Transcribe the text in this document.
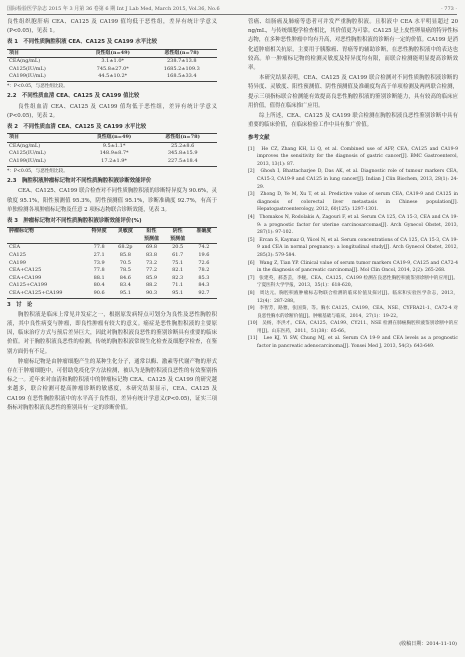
国际检验医学杂志 2015 年 3 月第 36 卷第 6 期 Int J Lab Med, March 2015, Vol.36, No.6	· 773 ·

良性组织胞肝病 CEA、CA125 及 CA199 值均低于恶性组，差异有统计学意义(P<0.05)，见表 1。

表 1　不同性质胸腔积液 CEA、CA125 及 CA199 水平比较
项目	良性组(n=49)	恶性组(n=78)
CEA(ng/mL)	3.1±1.0*	238.7±13.8
CA125(IU/mL)	745.8±27.0*	1685.2±109.3
CA199(IU/mL)	44.5±10.2*	168.5±33.4
*：P<0.05，与恶性组比较。
2.2　不同性质血清 CEA、CA125 及 CA199 值比较

良性组血清 CEA、CA125 及 CA199 值均低于恶性组，差异有统计学意义(P<0.05)，见表 2。

表 2　不同性质血清 CEA、CA125 及 CA199 水平比较
项目	良性组(n=49)	恶性组(n=78)
CEA(ng/mL)	9.5±1.1*	25.2±8.6
CA125(IU/mL)	148.9±8.7*	345.8±15.9
CA199(IU/mL)	17.2±1.9*	227.5±18.4
*：P<0.05，与恶性组比较。
2.3　胸腔积液肿瘤标记物对不同性质胸腔积液诊断效能评价

CEA、CA125、CA199 联合检查对不同性质胸腔积液的诊断特异度为 90.6%，灵敏度 95.1%，阳性预测值 95.3%，阴性预测值 95.1%，诊断准确度 92.7%，有高于单独检测各项肿瘤标记物及任意 2 项标志物联合诊断效能，见表 3。

表 3　肿瘤标记物对不同性质胸腔积液诊断效能评价(%)
肿瘤标记物	特异度	灵敏度	阳性	阴性	准确度
			预测值	预测值	
CEA	77.8	68.2p	69.8	20.5	74.2
CA125	27.1	85.8	83.8	61.7	19.6
CA199	73.9	70.5	73.2	75.1	72.6
CEA+CA125	77.8	78.5	77.2	82.1	78.2
CEA+CA199	88.1	84.6	85.9	82.3	85.3
CA125+CA199	80.4	83.4	88.2	71.1	84.3
CEA+CA125+CA199	90.6	95.1	90.3	95.1	92.7
3　讨　论

胸腔积液是临床上常见并发症之一，根据原发病特点可划分为良性及恶性胸腔积液，其中良性病变与肿瘤，即良性肿瘤有较大的意义。癌症是恶性胸腔积液的主要原因，临床治疗方式与预后差异巨大，因此对胸腔积液良恶性的鉴别诊断具有重要的临床价值。对于胸腔积液良恶性的检测，传统的胸腔积液常规生化检查及细胞学检查，在鉴别方面仍有不足。

肿瘤标记物是由肿瘤细胞产生的某种生化分子，通常以酶、激素等代谢产物的形式存在于肿瘤细胞中，可借助免疫化学方法检测，被认为是胸腔积液良恶性的有效鉴别指标之一。近年来对血清和胸腔积液中的肿瘤标记物 CEA、CA125 及 CA199 的研究越来越多，联合检测可提高肿瘤诊断的敏感度，本研究结果显示，CEA、CA125 及 CA199 在恶性胸腔积液中的水平高于良性组，差异有统计学意义(P<0.05)，证实三项指标对胸腔积液良恶性的鉴别具有一定的诊断价值。

管癌、结肠癌及肺癌等患者可并发严重胸腔积液。且积液中 CEA 水平明显超过 20 ng/mL，与传统细胞学检查相比，其价值更为可靠。CA125 是上皮性卵巢癌的特异性标志物，在多种恶性肿瘤中均有升高，对恶性胸腔积液的诊断有一定的价值。CA199 是消化道肿瘤相关抗原，主要用于胰腺癌、胃癌等的辅助诊断，在恶性胸腔积液中的表达也较高。单一肿瘤标记物的检测灵敏度及特异度均有限，而联合检测能明显提高诊断效率。

本研究结果表明，CEA、CA125 及 CA199 联合检测对不同性质胸腔积液诊断的特异度、灵敏度、阳性预测值、阴性预测值及准确度均高于单项检测及两两联合检测，提示三项指标联合检测能有效提高良恶性胸腔积液的鉴别诊断能力，具有较高的临床应用价值，值得在临床推广应用。

综上所述，CEA、CA125 及 CA199 联合检测在胸腔积液良恶性鉴别诊断中具有重要的临床价值，在临床检验工作中具有推广价值。

参考文献
[1]　He CZ, Zhang KH, Li Q, et al. Combined use of AFP, CEA, CA125 and CA19-9 improves the sensitivity for the diagnosis of gastric cancer[J]. BMC Gastroenterol, 2013, 13(1): 87.
[2]　Ghosh I, Bhattacharjee D, Das AK, et al. Diagnostic role of tumour markers CEA, CA15-3, CA19-9 and CA125 in lung cancer[J]. Indian J Clin Biochem, 2013, 28(1): 24-29.
[3]　Zhong D, Ye M, Xu T, et al. Predictive value of serum CEA, CA19-9 and CA125 in diagnosis of colorectal liver metastasis in Chinese population[J]. Hepatogastroenterology, 2012, 60(125): 1297-1301.
[4]　Thomakos N, Rodolakis A, Zagouri F, et al. Serum CA 125, CA 15-3, CEA and CA 19-9: a prognostic factor for uterine carcinosarcomas[J]. Arch Gynecol Obstet, 2013, 287(1): 97-102.
[5]　Ercan S, Kaymaz O, Yücel N, et al. Serum concentrations of CA 125, CA 15-3, CA 19-9 and CEA in normal pregnancy: a longitudinal study[J]. Arch Gynecol Obstet, 2012, 285(3): 579-584.
[6]　Wang Z, Tian YP. Clinical value of serum tumor markers CA19-9, CA125 and CA72-4 in the diagnosis of pancreatic carcinoma[J]. Mol Clin Oncol, 2014, 2(2): 265-268.
[7]　张建英，郝荟芸，李婉。CEA、CA125、CA199 检测在良恶性胸腔积液鉴别诊断中的应用[J]。宁夏医科大学学报，2013，35(1)：618-620。
[8]　周达元。胸腔积液肿瘤标志物联合检测的临床价值及探讨[J]。临床和实验医学杂志，2013，12(4)：287-288。
[9]　李智芳，路雅，张国葵，等。胸水 CA125、CA199、CEA、NSE、CYFRA21-1、CA72-4 对良恶性胸水的诊断价值[J]。肿瘤基础与临床，2014，27(1)：19-22。
[10]　吴杨，李洪才。CEA、CA125、CA199、CY211、NSE 检测在肺癌胸腔积液鉴别诊断中的应用[J]。山东医药，2011，51(38)：65-66。
[11]　Lee KJ, Yi SW, Chung MJ, et al. Serum CA 19-9 and CEA levels as a prognostic factor in pancreatic adenocarcinoma[J]. Yonsei Med J, 2013, 54(3): 643-649.
(收稿日期：2014-11-10)
